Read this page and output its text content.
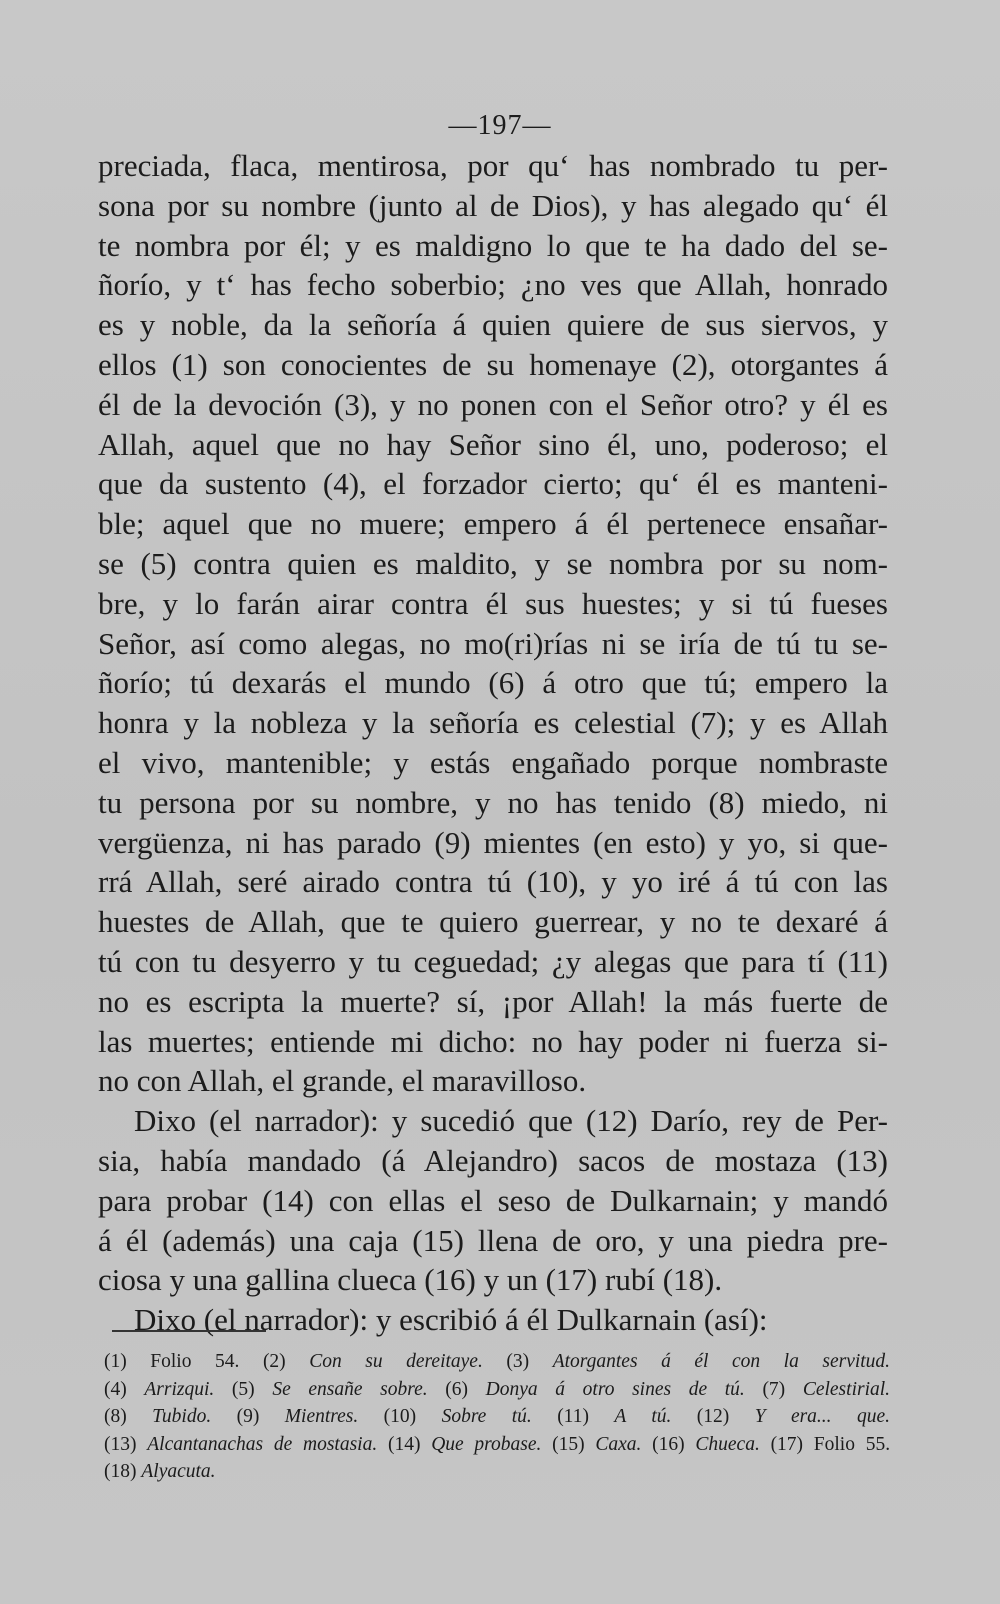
—197—
preciada, flaca, mentirosa, por qu‘ has nombrado tu per-
sona por su nombre (junto al de Dios), y has alegado qu‘ él
te nombra por él; y es maldigno lo que te ha dado del se-
ñorío, y t‘ has fecho soberbio; ¿no ves que Allah, honrado
es y noble, da la señoría á quien quiere de sus siervos, y
ellos (1) son conocientes de su homenaye (2), otorgantes á
él de la devoción (3), y no ponen con el Señor otro? y él es
Allah, aquel que no hay Señor sino él, uno, poderoso; el
que da sustento (4), el forzador cierto; qu‘ él es manteni-
ble; aquel que no muere; empero á él pertenece ensañar-
se (5) contra quien es maldito, y se nombra por su nom-
bre, y lo farán airar contra él sus huestes; y si tú fueses
Señor, así como alegas, no mo(ri)rías ni se iría de tú tu se-
ñorío; tú dexarás el mundo (6) á otro que tú; empero la
honra y la nobleza y la señoría es celestial (7); y es Allah
el vivo, mantenible; y estás engañado porque nombraste
tu persona por su nombre, y no has tenido (8) miedo, ni
vergüenza, ni has parado (9) mientes (en esto) y yo, si que-
rrá Allah, seré airado contra tú (10), y yo iré á tú con las
huestes de Allah, que te quiero guerrear, y no te dexaré á
tú con tu desyerro y tu ceguedad; ¿y alegas que para tí (11)
no es escripta la muerte? sí, ¡por Allah! la más fuerte de
las muertes; entiende mi dicho: no hay poder ni fuerza si-
no con Allah, el grande, el maravilloso.
Dixo (el narrador): y sucedió que (12) Darío, rey de Per-
sia, había mandado (á Alejandro) sacos de mostaza (13)
para probar (14) con ellas el seso de Dulkarnain; y mandó
á él (además) una caja (15) llena de oro, y una piedra pre-
ciosa y una gallina clueca (16) y un (17) rubí (18).
Dixo (el narrador): y escribió á él Dulkarnain (así):
(1) Folio 54. (2) Con su dereitaye. (3) Atorgantes á él con la servitud.
(4) Arrizqui. (5) Se ensañe sobre. (6) Donya á otro sines de tú. (7) Celestirial.
(8) Tubido. (9) Mientres. (10) Sobre tú. (11) A tú. (12) Y era... que.
(13) Alcantanachas de mostasia. (14) Que probase. (15) Caxa. (16) Chueca. (17) Folio 55.
(18) Alyacuta.
